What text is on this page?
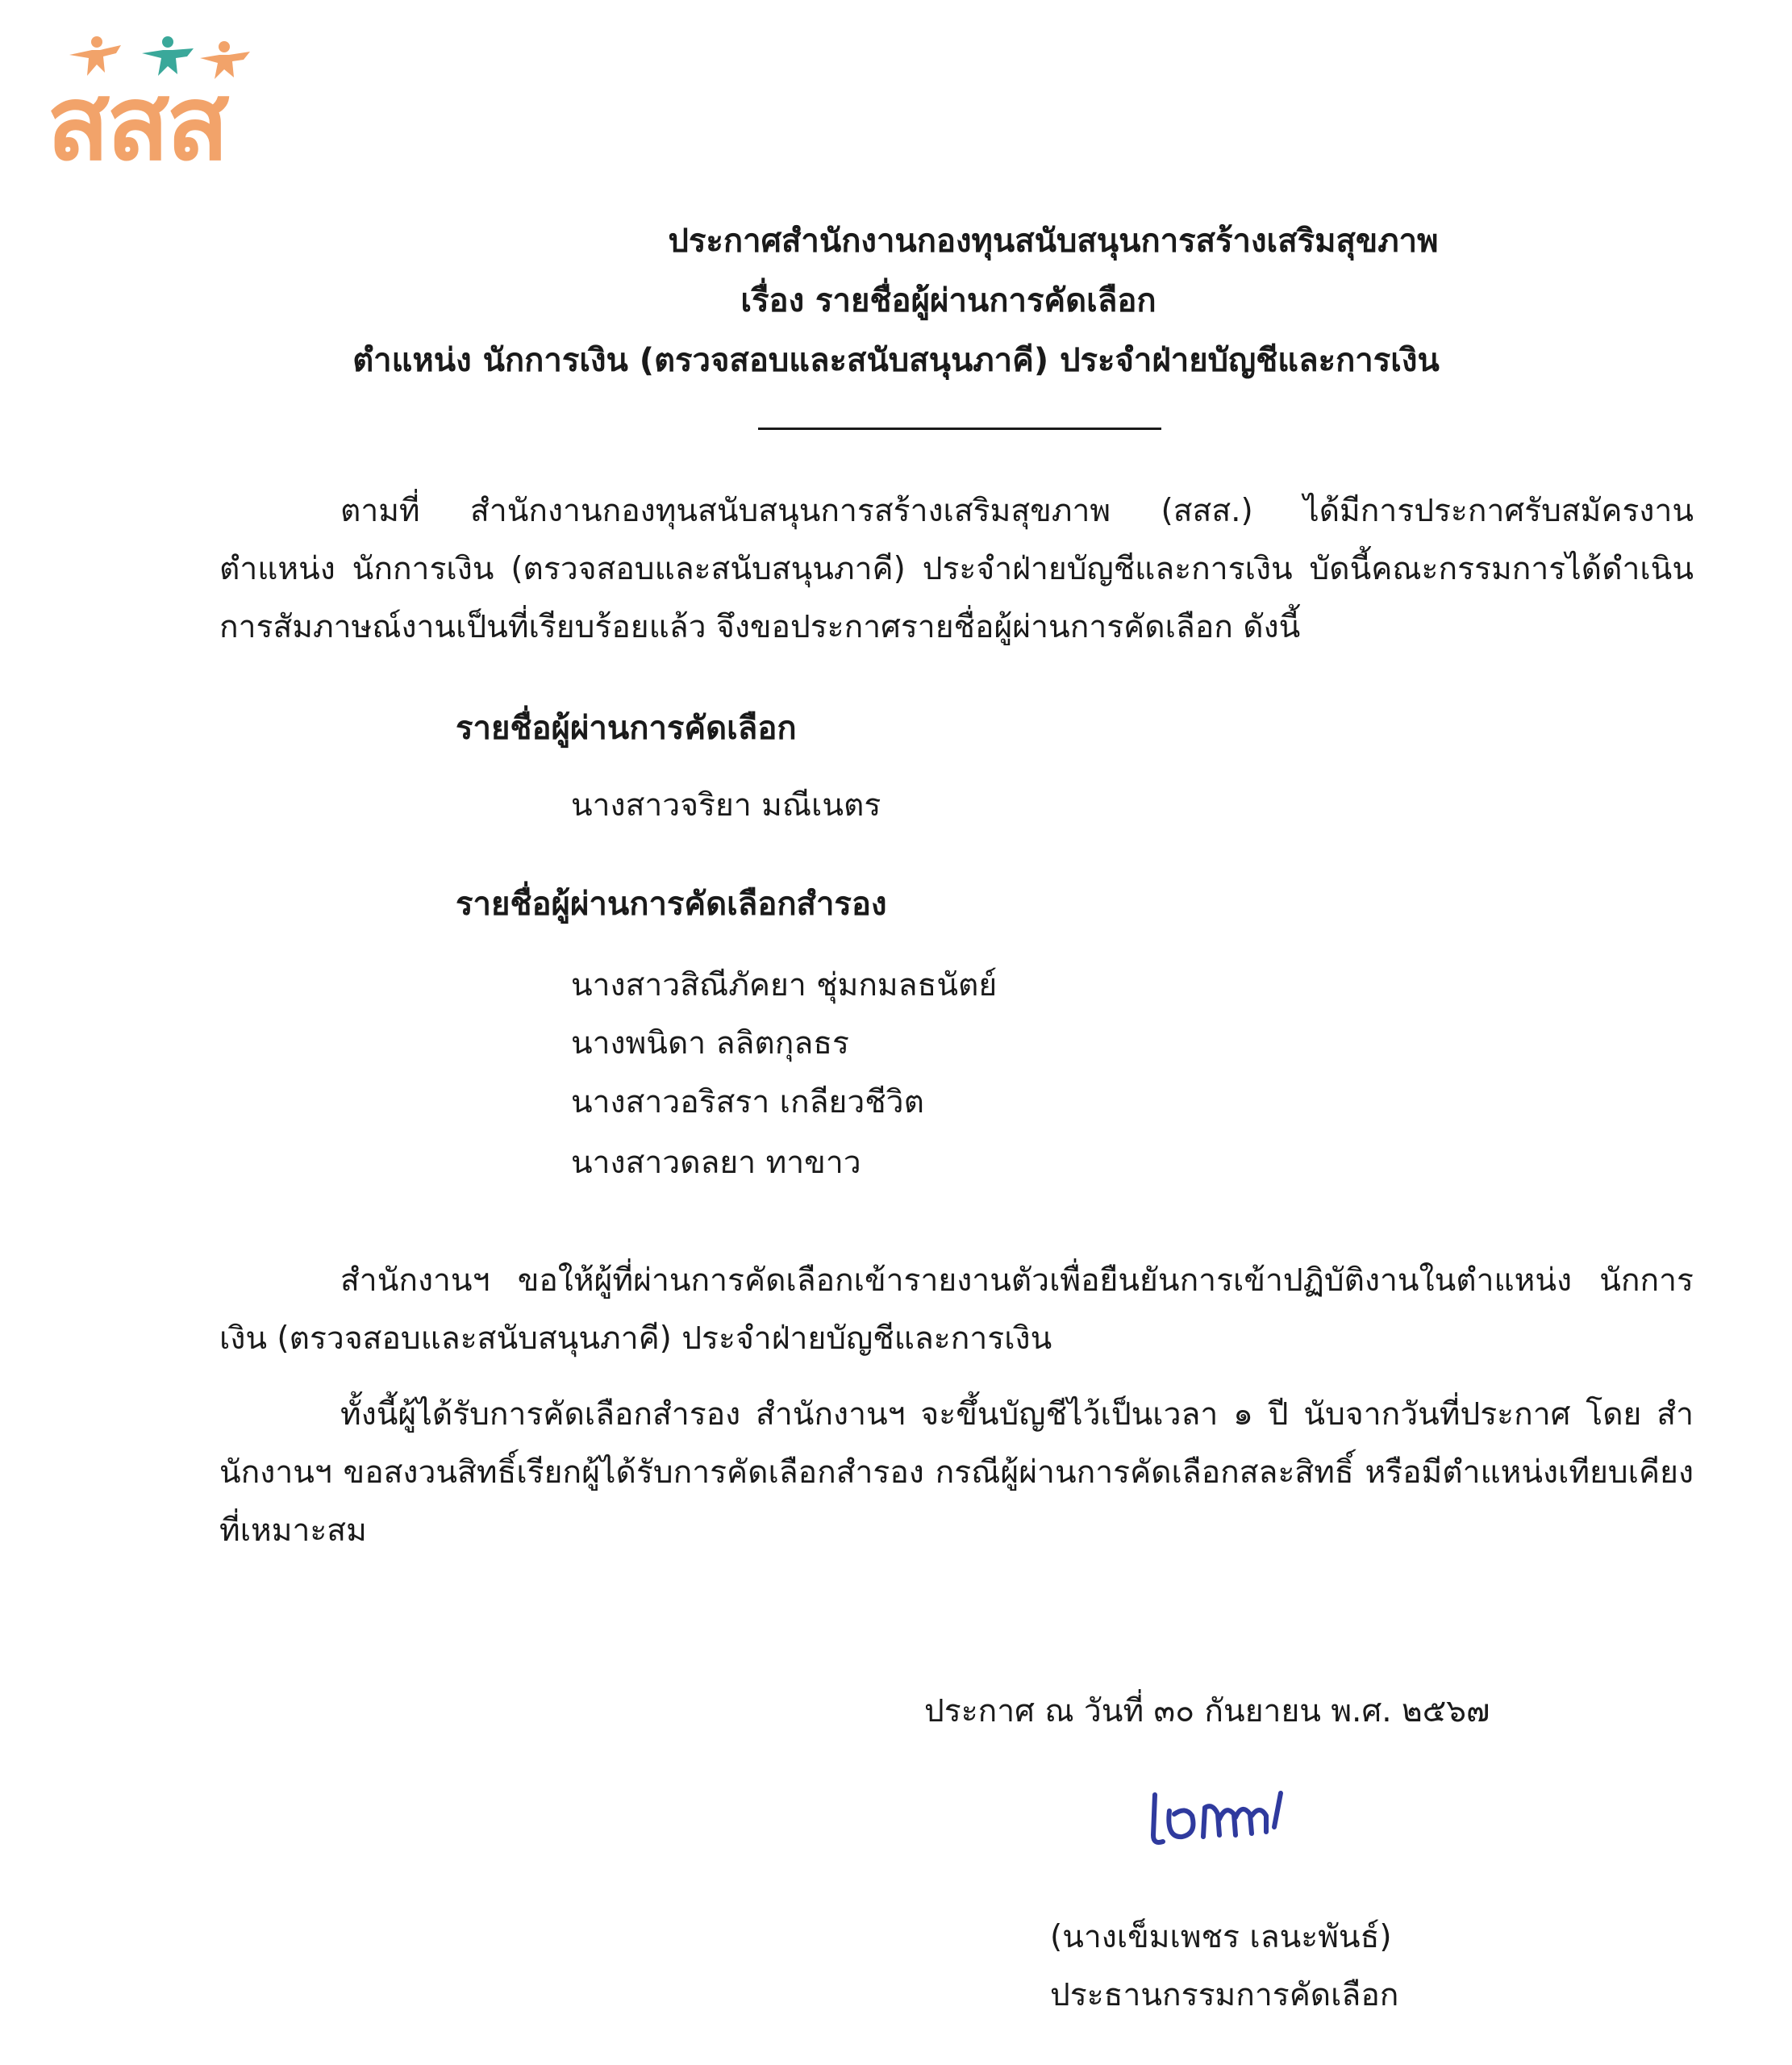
สสส
ประกาศสำนักงานกองทุนสนับสนุนการสร้างเสริมสุขภาพ
เรื่อง รายชื่อผู้ผ่านการคัดเลือก
ตำแหน่ง นักการเงิน (ตรวจสอบและสนับสนุนภาคี) ประจำฝ่ายบัญชีและการเงิน

ตามที่ สำนักงานกองทุนสนับสนุนการสร้างเสริมสุขภาพ (สสส.) ได้มีการประกาศรับสมัครงาน ตำแหน่ง นักการเงิน (ตรวจสอบและสนับสนุนภาคี) ประจำฝ่ายบัญชีและการเงิน บัดนี้คณะกรรมการได้ดำเนินการสัมภาษณ์งานเป็นที่เรียบร้อยแล้ว จึงขอประกาศรายชื่อผู้ผ่านการคัดเลือก ดังนี้

รายชื่อผู้ผ่านการคัดเลือก
นางสาวจริยา มณีเนตร
รายชื่อผู้ผ่านการคัดเลือกสำรอง
นางสาวสิณีภัคยา ชุ่มกมลธนัตย์
นางพนิดา ลลิตกุลธร
นางสาวอริสรา เกลียวชีวิต
นางสาวดลยา ทาขาว

สำนักงานฯ ขอให้ผู้ที่ผ่านการคัดเลือกเข้ารายงานตัวเพื่อยืนยันการเข้าปฏิบัติงานในตำแหน่ง นักการเงิน (ตรวจสอบและสนับสนุนภาคี) ประจำฝ่ายบัญชีและการเงิน

ทั้งนี้ผู้ได้รับการคัดเลือกสำรอง สำนักงานฯ จะขึ้นบัญชีไว้เป็นเวลา ๑ ปี นับจากวันที่ประกาศ โดย สำนักงานฯ ขอสงวนสิทธิ์เรียกผู้ได้รับการคัดเลือกสำรอง กรณีผู้ผ่านการคัดเลือกสละสิทธิ์ หรือมีตำแหน่งเทียบเคียงที่เหมาะสม

ประกาศ ณ วันที่ ๓๐ กันยายน พ.ศ. ๒๕๖๗
(นางเข็มเพชร เลนะพันธ์)
ประธานกรรมการคัดเลือก
